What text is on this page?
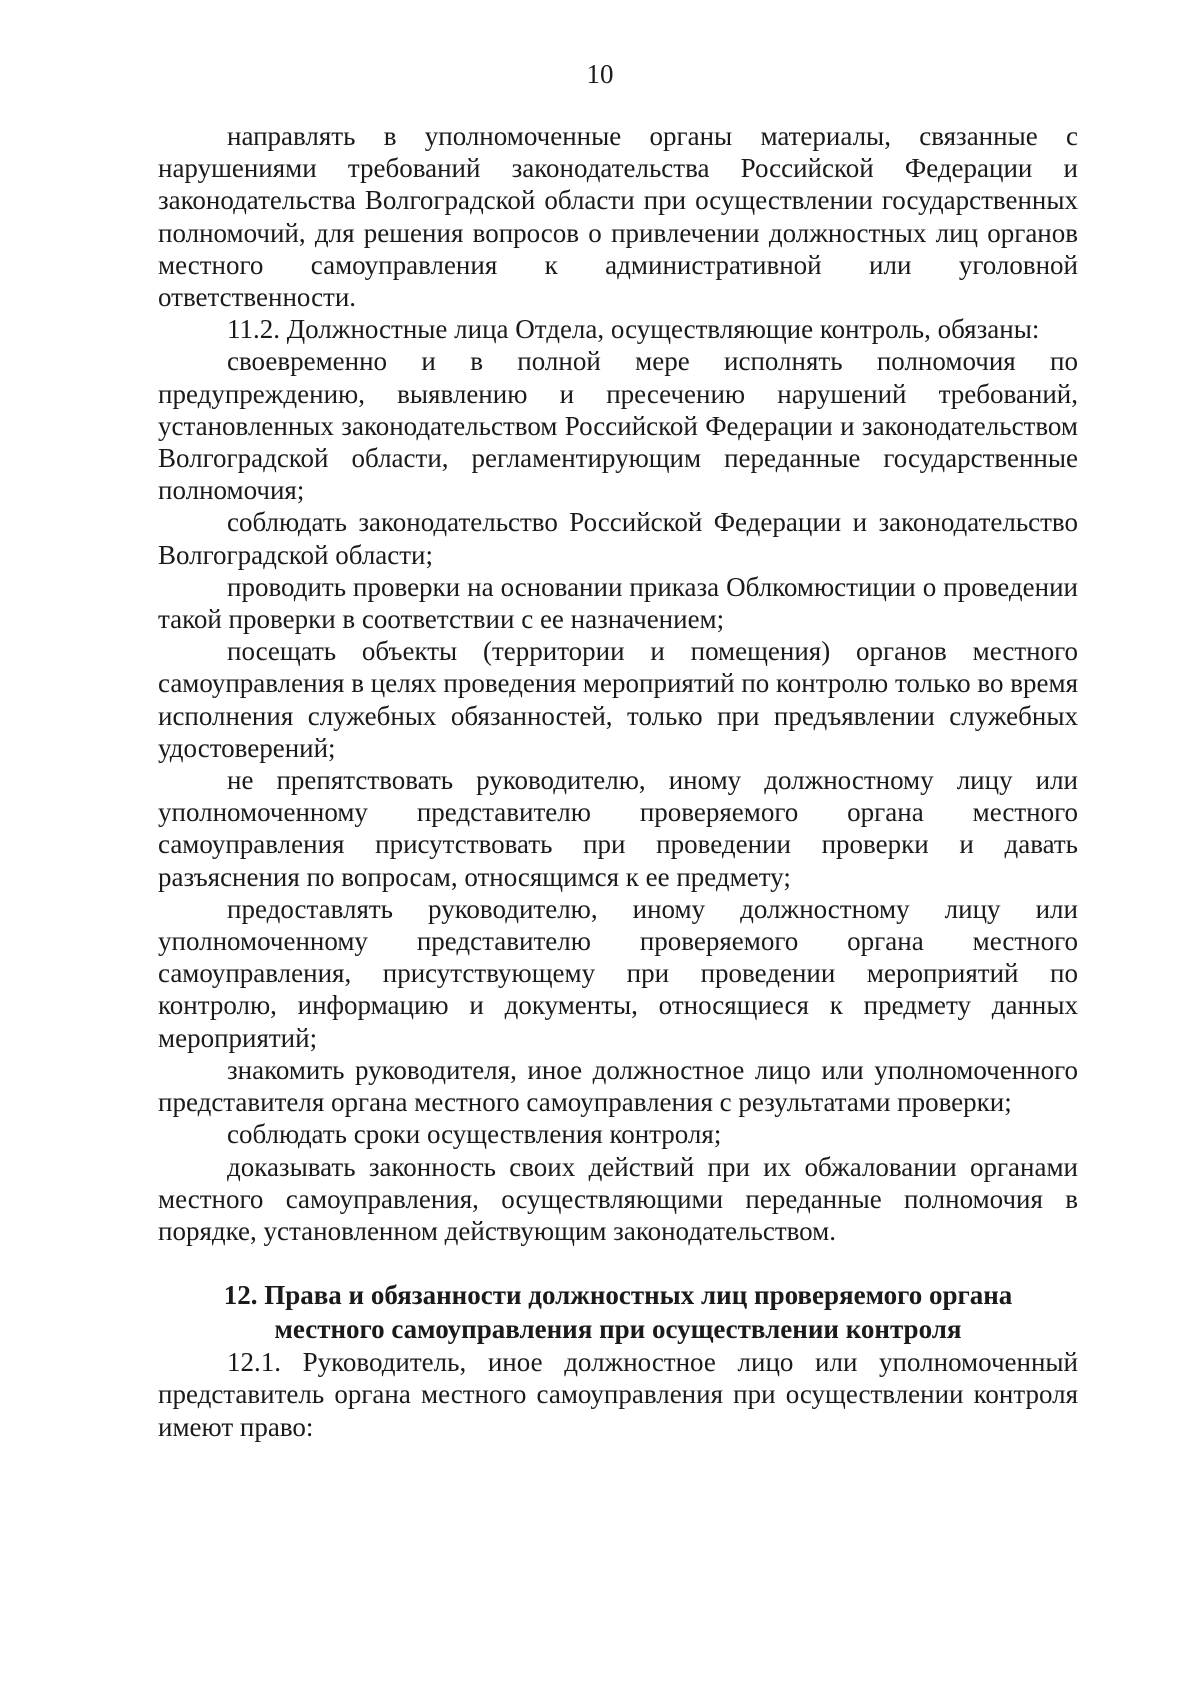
10

направлять в уполномоченные органы материалы, связанные с нарушениями требований законодательства Российской Федерации и законодательства Волгоградской области при осуществлении государственных полномочий, для решения вопросов о привлечении должностных лиц органов местного самоуправления к административной или уголовной ответственности.

11.2. Должностные лица Отдела, осуществляющие контроль, обязаны:

своевременно и в полной мере исполнять полномочия по предупреждению, выявлению и пресечению нарушений требований, установленных законодательством Российской Федерации и законодательством Волгоградской области, регламентирующим переданные государственные полномочия;

соблюдать законодательство Российской Федерации и законодательство Волгоградской области;

проводить проверки на основании приказа Облкомюстиции о проведении такой проверки в соответствии с ее назначением;

посещать объекты (территории и помещения) органов местного самоуправления в целях проведения мероприятий по контролю только во время исполнения служебных обязанностей, только при предъявлении служебных удостоверений;

не препятствовать руководителю, иному должностному лицу или уполномоченному представителю проверяемого органа местного самоуправления присутствовать при проведении проверки и давать разъяснения по вопросам, относящимся к ее предмету;

предоставлять руководителю, иному должностному лицу или уполномоченному представителю проверяемого органа местного самоуправления, присутствующему при проведении мероприятий по контролю, информацию и документы, относящиеся к предмету данных мероприятий;

знакомить руководителя, иное должностное лицо или уполномоченного представителя органа местного самоуправления с результатами проверки;

соблюдать сроки осуществления контроля;

доказывать законность своих действий при их обжаловании органами местного самоуправления, осуществляющими переданные полномочия в порядке, установленном действующим законодательством.

12. Права и обязанности должностных лиц проверяемого органа местного самоуправления при осуществлении контроля

12.1. Руководитель, иное должностное лицо или уполномоченный представитель органа местного самоуправления при осуществлении контроля имеют право:
